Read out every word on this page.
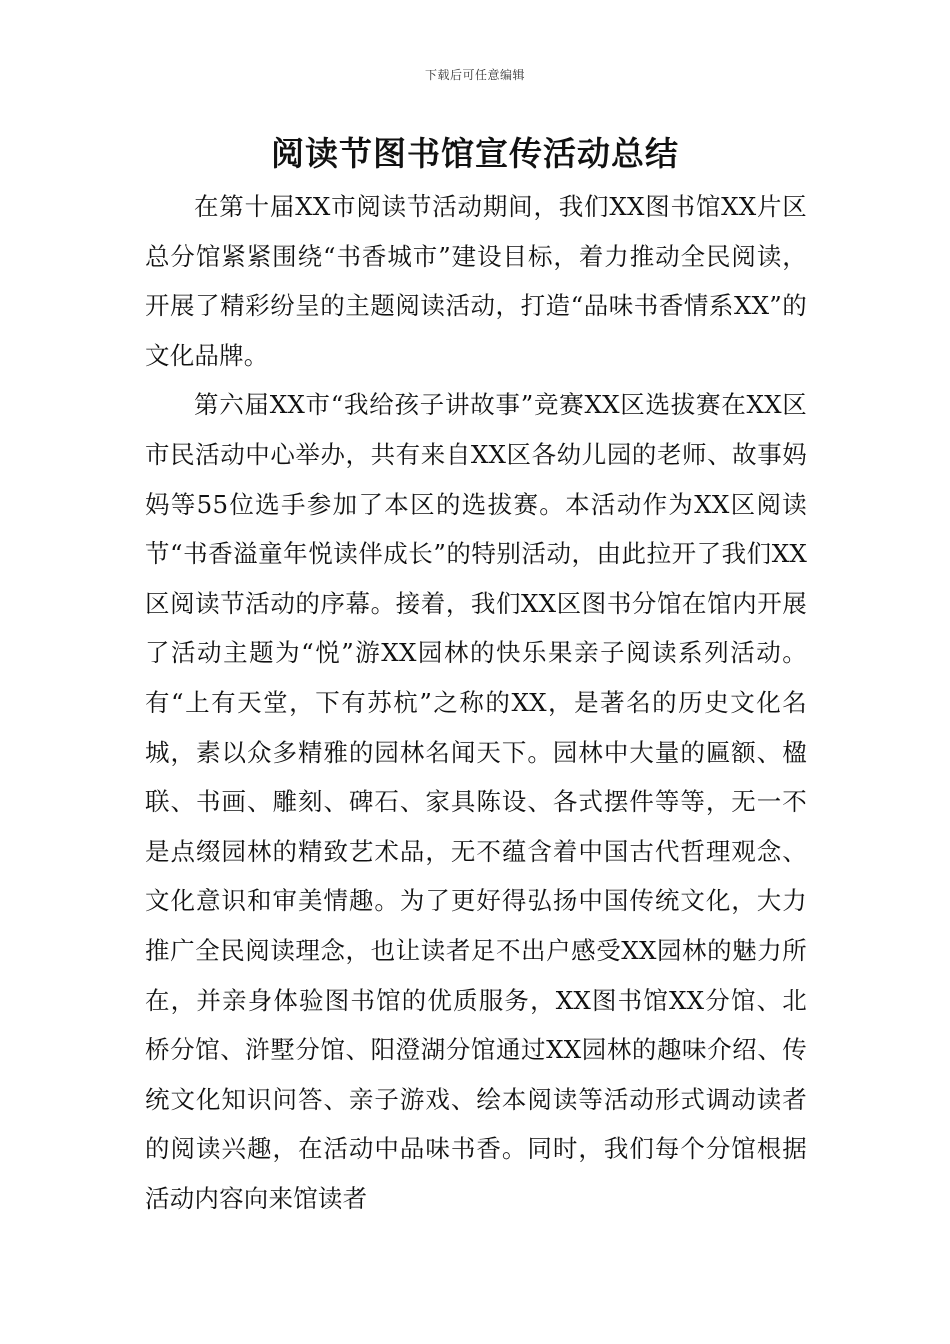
下载后可任意编辑
阅读节图书馆宣传活动总结

在第十届XX市阅读节活动期间，我们XX图书馆XX片区总分馆紧紧围绕“书香城市”建设目标，着力推动全民阅读，开展了精彩纷呈的主题阅读活动，打造“品味书香情系XX”的文化品牌。

第六届XX市“我给孩子讲故事”竞赛XX区选拔赛在XX区市民活动中心举办，共有来自XX区各幼儿园的老师、故事妈妈等55位选手参加了本区的选拔赛。本活动作为XX区阅读节“书香溢童年悦读伴成长”的特别活动，由此拉开了我们XX区阅读节活动的序幕。接着，我们XX区图书分馆在馆内开展了活动主题为“悦”游XX园林的快乐果亲子阅读系列活动。有“上有天堂，下有苏杭”之称的XX，是著名的历史文化名城，素以众多精雅的园林名闻天下。园林中大量的匾额、楹联、书画、雕刻、碑石、家具陈设、各式摆件等等，无一不是点缀园林的精致艺术品，无不蕴含着中国古代哲理观念、文化意识和审美情趣。为了更好得弘扬中国传统文化，大力推广全民阅读理念，也让读者足不出户感受XX园林的魅力所在，并亲身体验图书馆的优质服务，XX图书馆XX分馆、北桥分馆、浒墅分馆、阳澄湖分馆通过XX园林的趣味介绍、传统文化知识问答、亲子游戏、绘本阅读等活动形式调动读者的阅读兴趣，在活动中品味书香。同时，我们每个分馆根据活动内容向来馆读者
